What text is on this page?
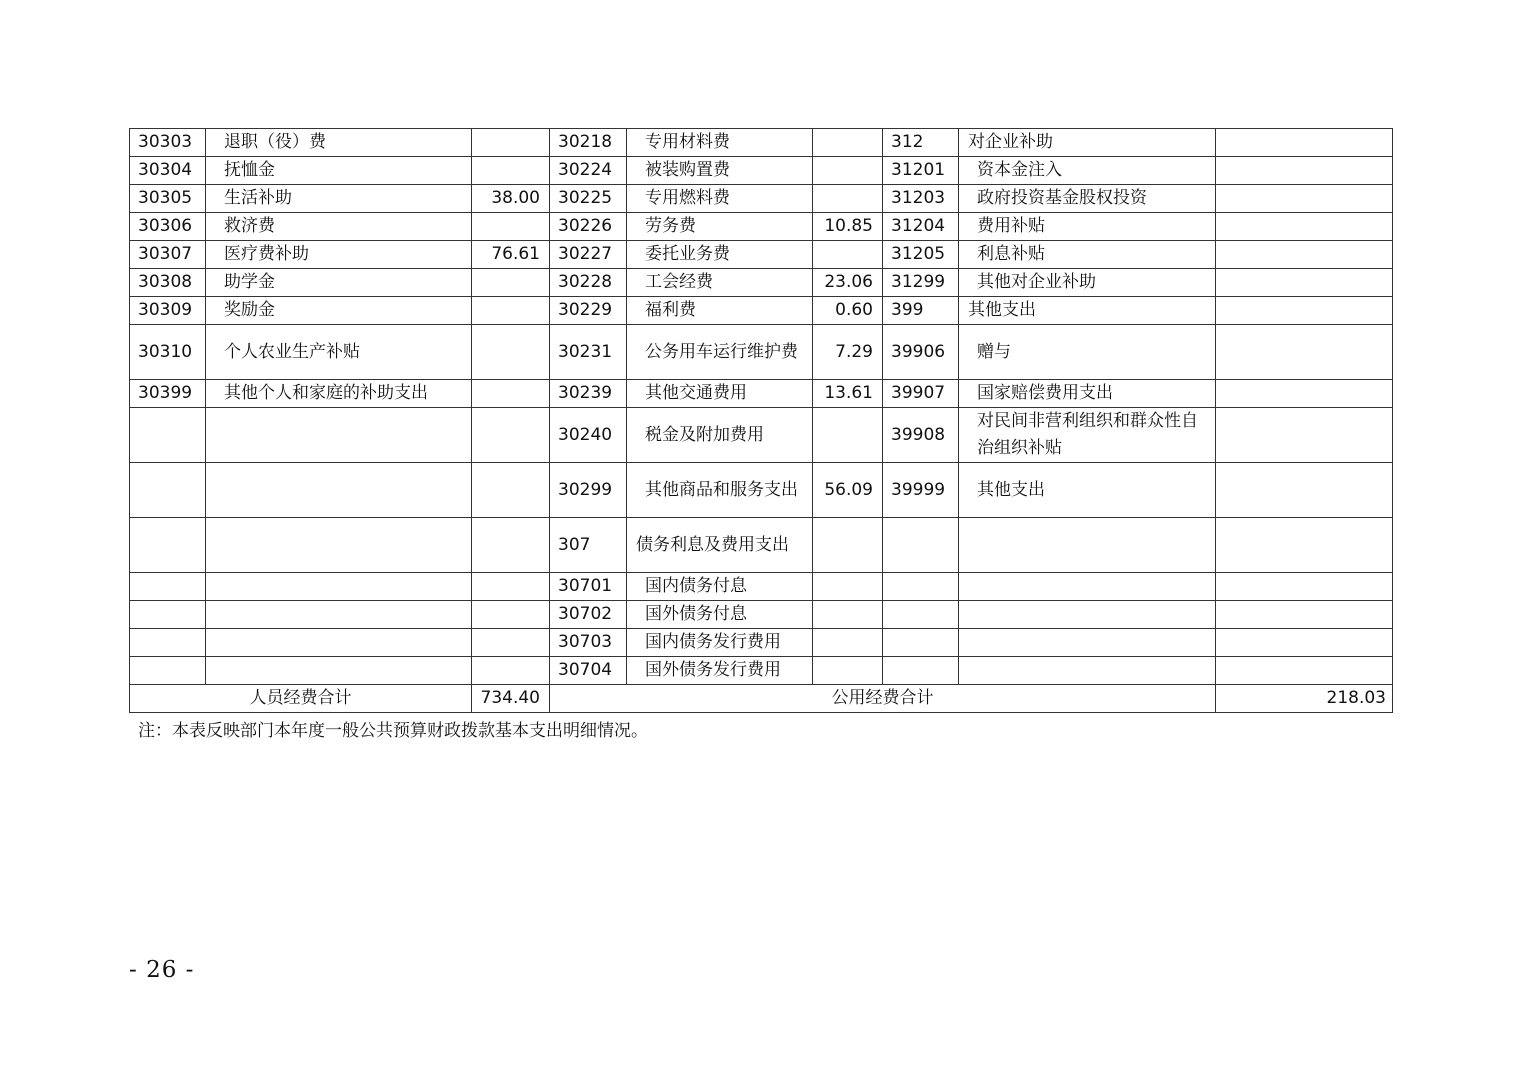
30303	退职（役）费		30218	专用材料费		312	对企业补助	
30304	抚恤金		30224	被装购置费		31201	资本金注入	
30305	生活补助	38.00	30225	专用燃料费		31203	政府投资基金股权投资	
30306	救济费		30226	劳务费	10.85	31204	费用补贴	
30307	医疗费补助	76.61	30227	委托业务费		31205	利息补贴	
30308	助学金		30228	工会经费	23.06	31299	其他对企业补助	
30309	奖励金		30229	福利费	0.60	399	其他支出	
30310	个人农业生产补贴		30231	公务用车运行维护费	7.29	39906	赠与	
30399	其他个人和家庭的补助支出		30239	其他交通费用	13.61	39907	国家赔偿费用支出	
			30240	税金及附加费用		39908	对民间非营利组织和群众性自治组织补贴	
			30299	其他商品和服务支出	56.09	39999	其他支出	
			307	债务利息及费用支出				
			30701	国内债务付息				
			30702	国外债务付息				
			30703	国内债务发行费用				
			30704	国外债务发行费用				
人员经费合计		734.40	公用经费合计					218.03
注：本表反映部门本年度一般公共预算财政拨款基本支出明细情况。
- 26 -
